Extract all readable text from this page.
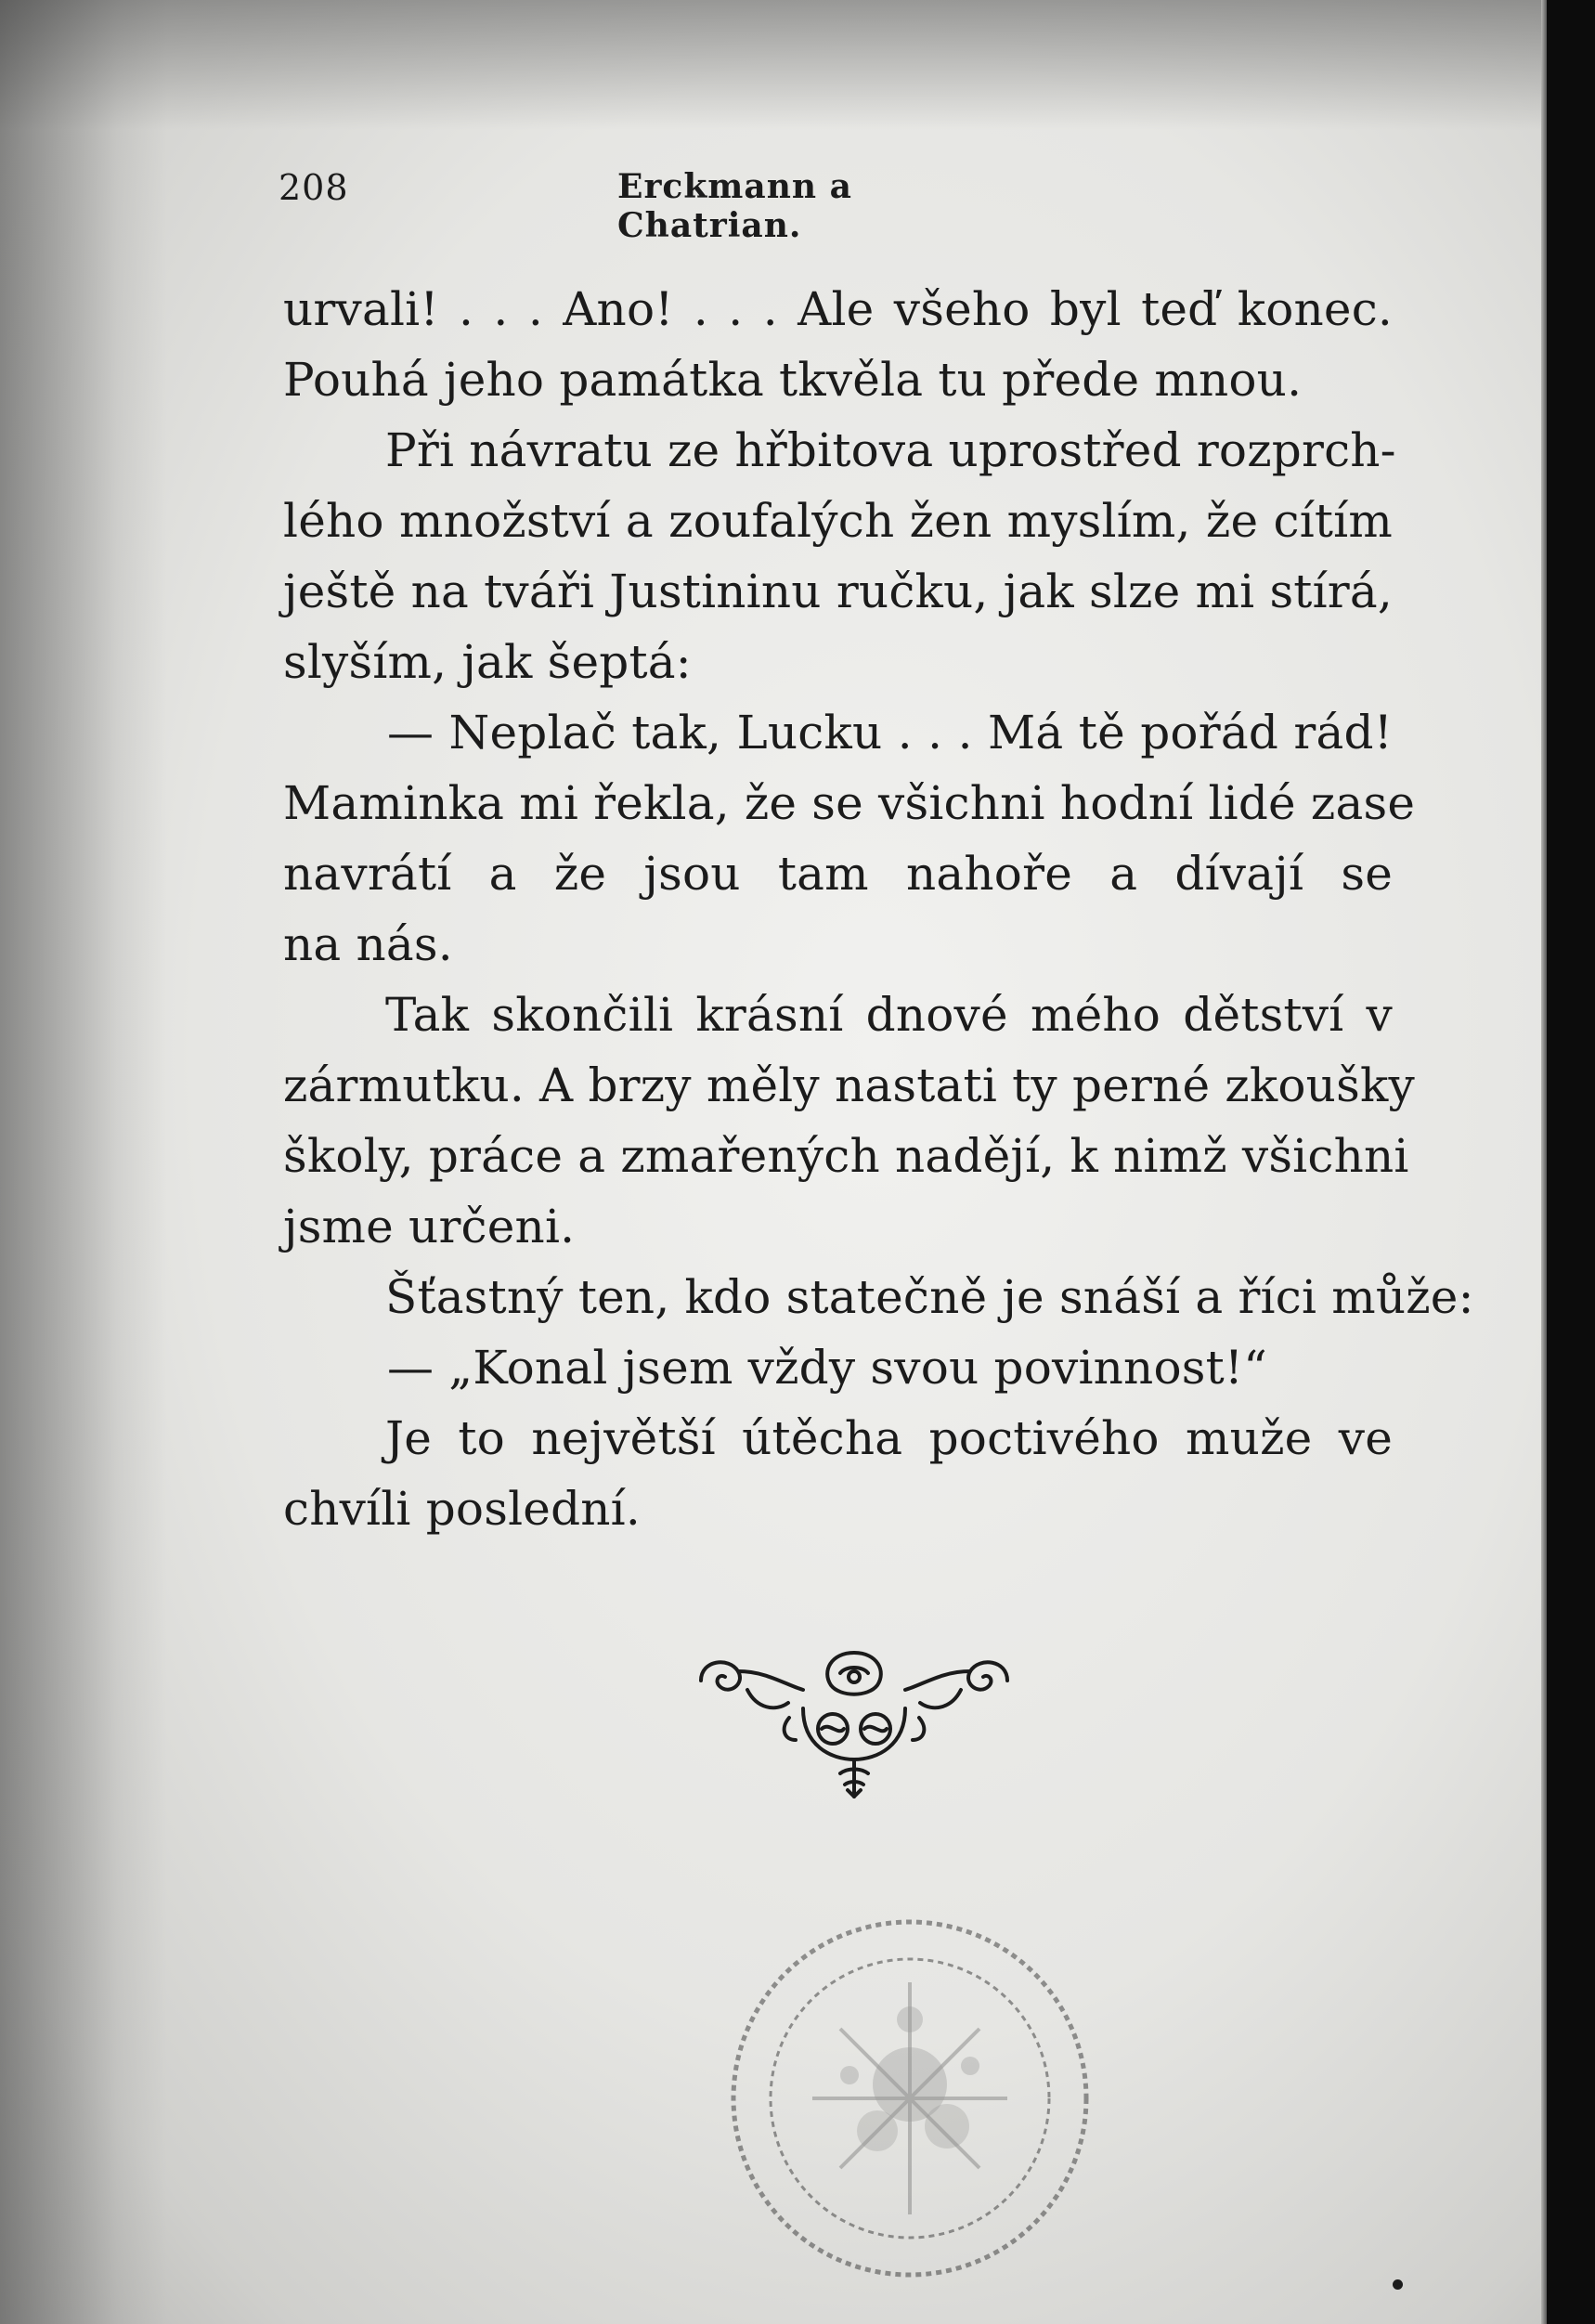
208	Erckmann a Chatrian.
urvali! . . . Ano! . . . Ale všeho byl teď konec.
Pouhá jeho památka tkvěla tu přede mnou.
Při návratu ze hřbitova uprostřed rozprch-
lého množství a zoufalých žen myslím, že cítím
ještě na tváři Justininu ručku, jak slze mi stírá,
slyším, jak šeptá:
— Neplač tak, Lucku . . . Má tě pořád rád!
Maminka mi řekla, že se všichni hodní lidé zase
navrátí a že jsou tam nahoře a dívají se
na nás.
Tak skončili krásní dnové mého dětství v
zármutku. A brzy měly nastati ty perné zkoušky
školy, práce a zmařených nadějí, k nimž všichni
jsme určeni.
Šťastný ten, kdo statečně je snáší a říci může:
— „Konal jsem vždy svou povinnost!“
Je to největší útěcha poctivého muže ve
chvíli poslední.
